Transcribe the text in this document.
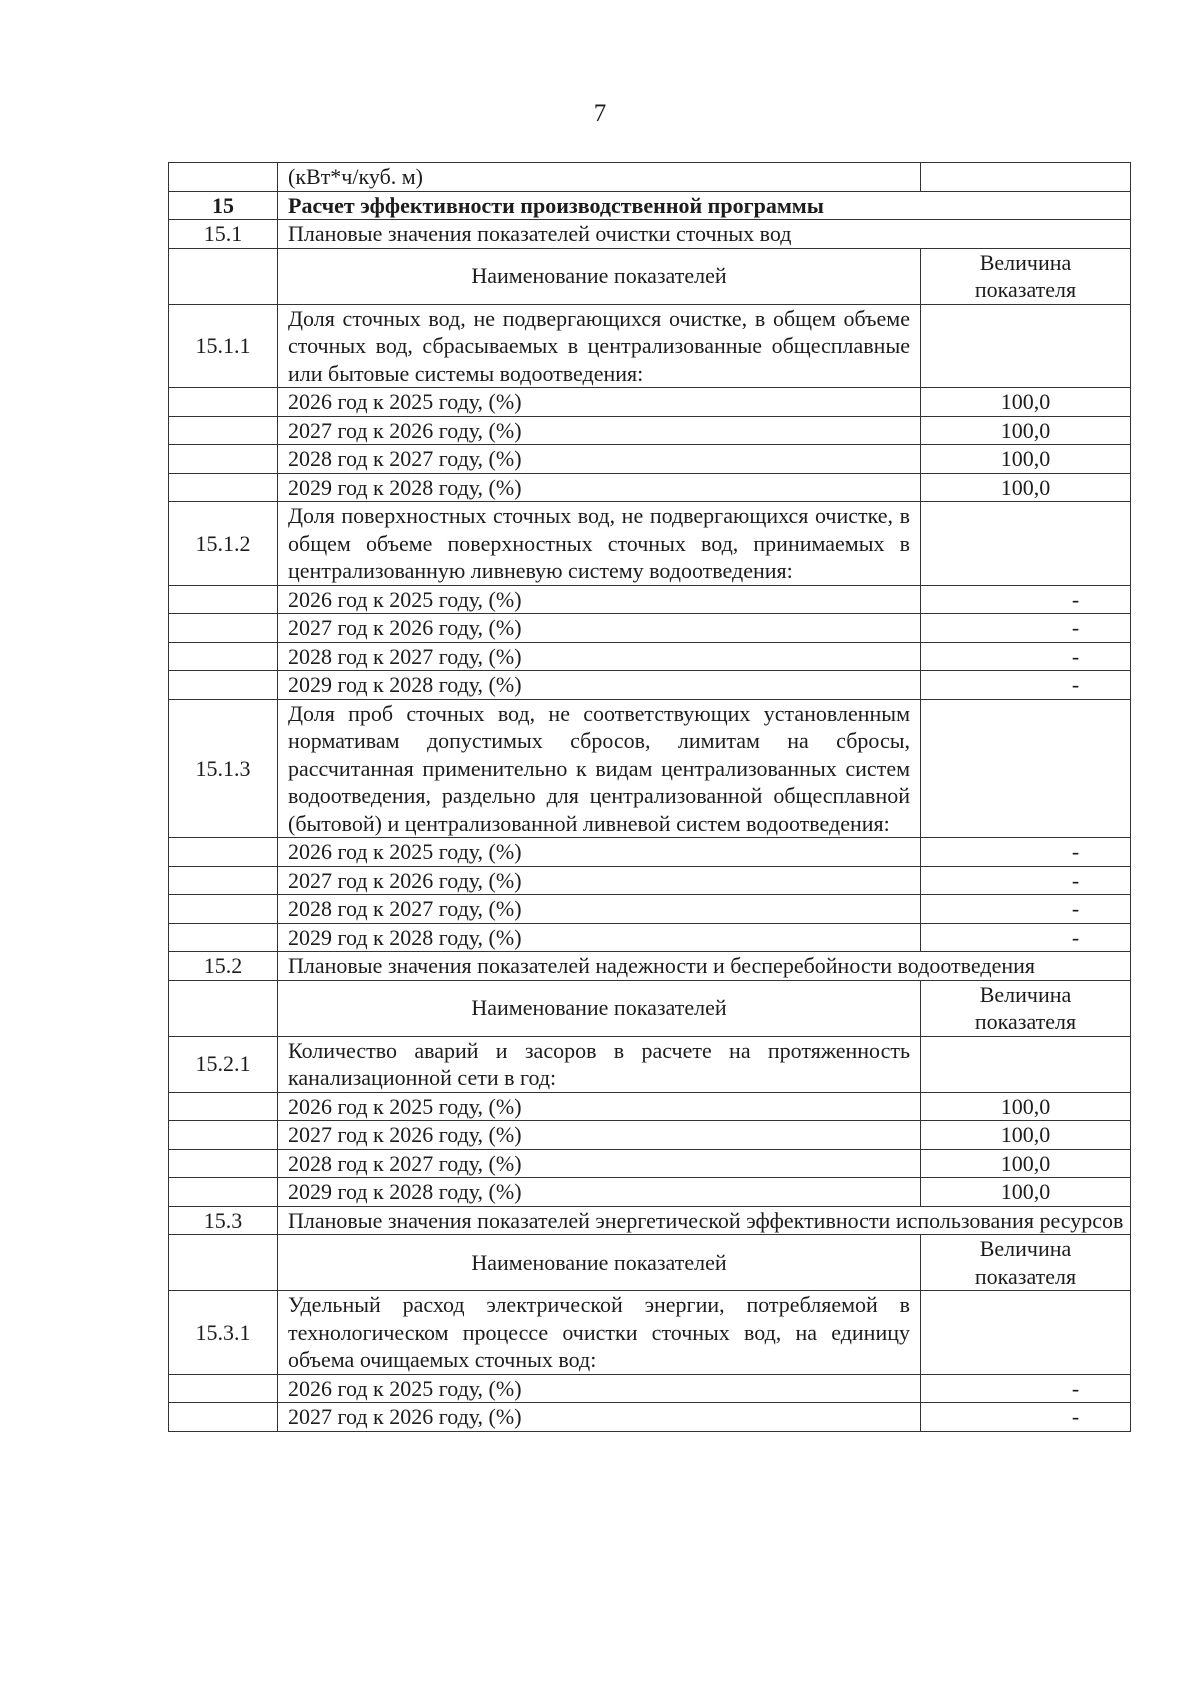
7
	(кВт*ч/куб. м)	
15	Расчет эффективности производственной программы	
15.1	Плановые значения показателей очистки сточных вод	
	Наименование показателей	Величина показателя
15.1.1	Доля сточных вод, не подвергающихся очистке, в общем объеме сточных вод, сбрасываемых в централизованные общесплавные или бытовые системы водоотведения:	
	2026 год к 2025 году, (%)	100,0
	2027 год к 2026 году, (%)	100,0
	2028 год к 2027 году, (%)	100,0
	2029 год к 2028 году, (%)	100,0
15.1.2	Доля поверхностных сточных вод, не подвергающихся очистке, в общем объеме поверхностных сточных вод, принимаемых в централизованную ливневую систему водоотведения:	
	2026 год к 2025 году, (%)	-
	2027 год к 2026 году, (%)	-
	2028 год к 2027 году, (%)	-
	2029 год к 2028 году, (%)	-
15.1.3	Доля проб сточных вод, не соответствующих установленным нормативам допустимых сбросов, лимитам на сбросы, рассчитанная применительно к видам централизованных систем водоотведения, раздельно для централизованной общесплавной (бытовой) и централизованной ливневой систем водоотведения:	
	2026 год к 2025 году, (%)	-
	2027 год к 2026 году, (%)	-
	2028 год к 2027 году, (%)	-
	2029 год к 2028 году, (%)	-
15.2	Плановые значения показателей надежности и бесперебойности водоотведения	
	Наименование показателей	Величина показателя
15.2.1	Количество аварий и засоров в расчете на протяженность канализационной сети в год:	
	2026 год к 2025 году, (%)	100,0
	2027 год к 2026 году, (%)	100,0
	2028 год к 2027 году, (%)	100,0
	2029 год к 2028 году, (%)	100,0
15.3	Плановые значения показателей энергетической эффективности использования ресурсов	
	Наименование показателей	Величина показателя
15.3.1	Удельный расход электрической энергии, потребляемой в технологическом процессе очистки сточных вод, на единицу объема очищаемых сточных вод:	
	2026 год к 2025 году, (%)	-
	2027 год к 2026 году, (%)	-
